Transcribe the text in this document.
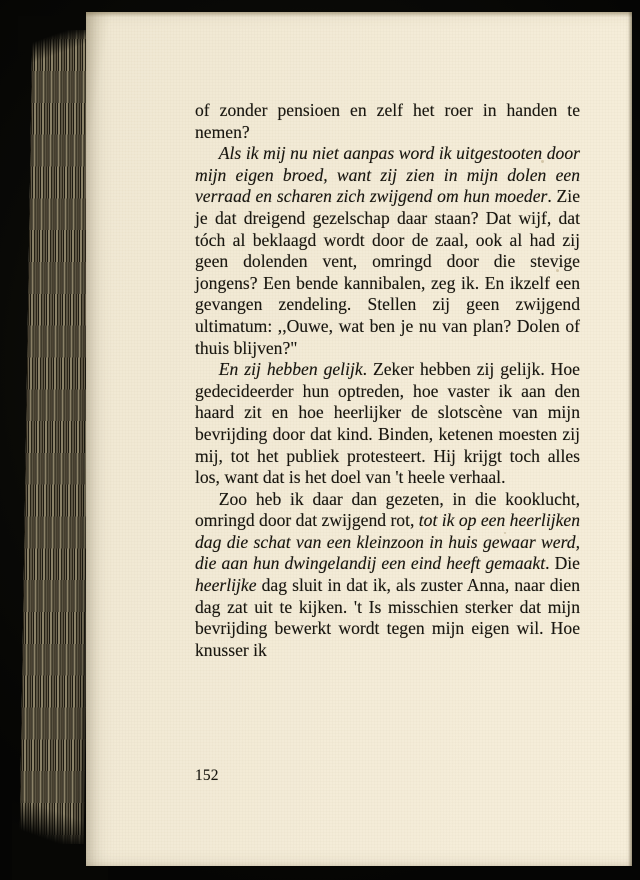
of zonder pensioen en zelf het roer in handen te nemen?

Als ik mij nu niet aanpas word ik uitgestooten door mijn eigen broed, want zij zien in mijn dolen een verraad en scharen zich zwijgend om hun moeder. Zie je dat dreigend gezelschap daar staan? Dat wijf, dat tóch al beklaagd wordt door de zaal, ook al had zij geen dolenden vent, omringd door die stevige jongens? Een bende kannibalen, zeg ik. En ikzelf een gevangen zendeling. Stellen zij geen zwijgend ultimatum: ,,Ouwe, wat ben je nu van plan? Dolen of thuis blijven?"

En zij hebben gelijk. Zeker hebben zij gelijk. Hoe gedecideerder hun optreden, hoe vaster ik aan den haard zit en hoe heerlijker de slotscène van mijn bevrijding door dat kind. Binden, ketenen moesten zij mij, tot het publiek protesteert. Hij krijgt toch alles los, want dat is het doel van 't heele verhaal.

Zoo heb ik daar dan gezeten, in die kooklucht, omringd door dat zwijgend rot, tot ik op een heerlijken dag die schat van een kleinzoon in huis gewaar werd, die aan hun dwingelandij een eind heeft gemaakt. Die heerlijke dag sluit in dat ik, als zuster Anna, naar dien dag zat uit te kijken. 't Is misschien sterker dat mijn bevrijding bewerkt wordt tegen mijn eigen wil. Hoe knusser ik

152
